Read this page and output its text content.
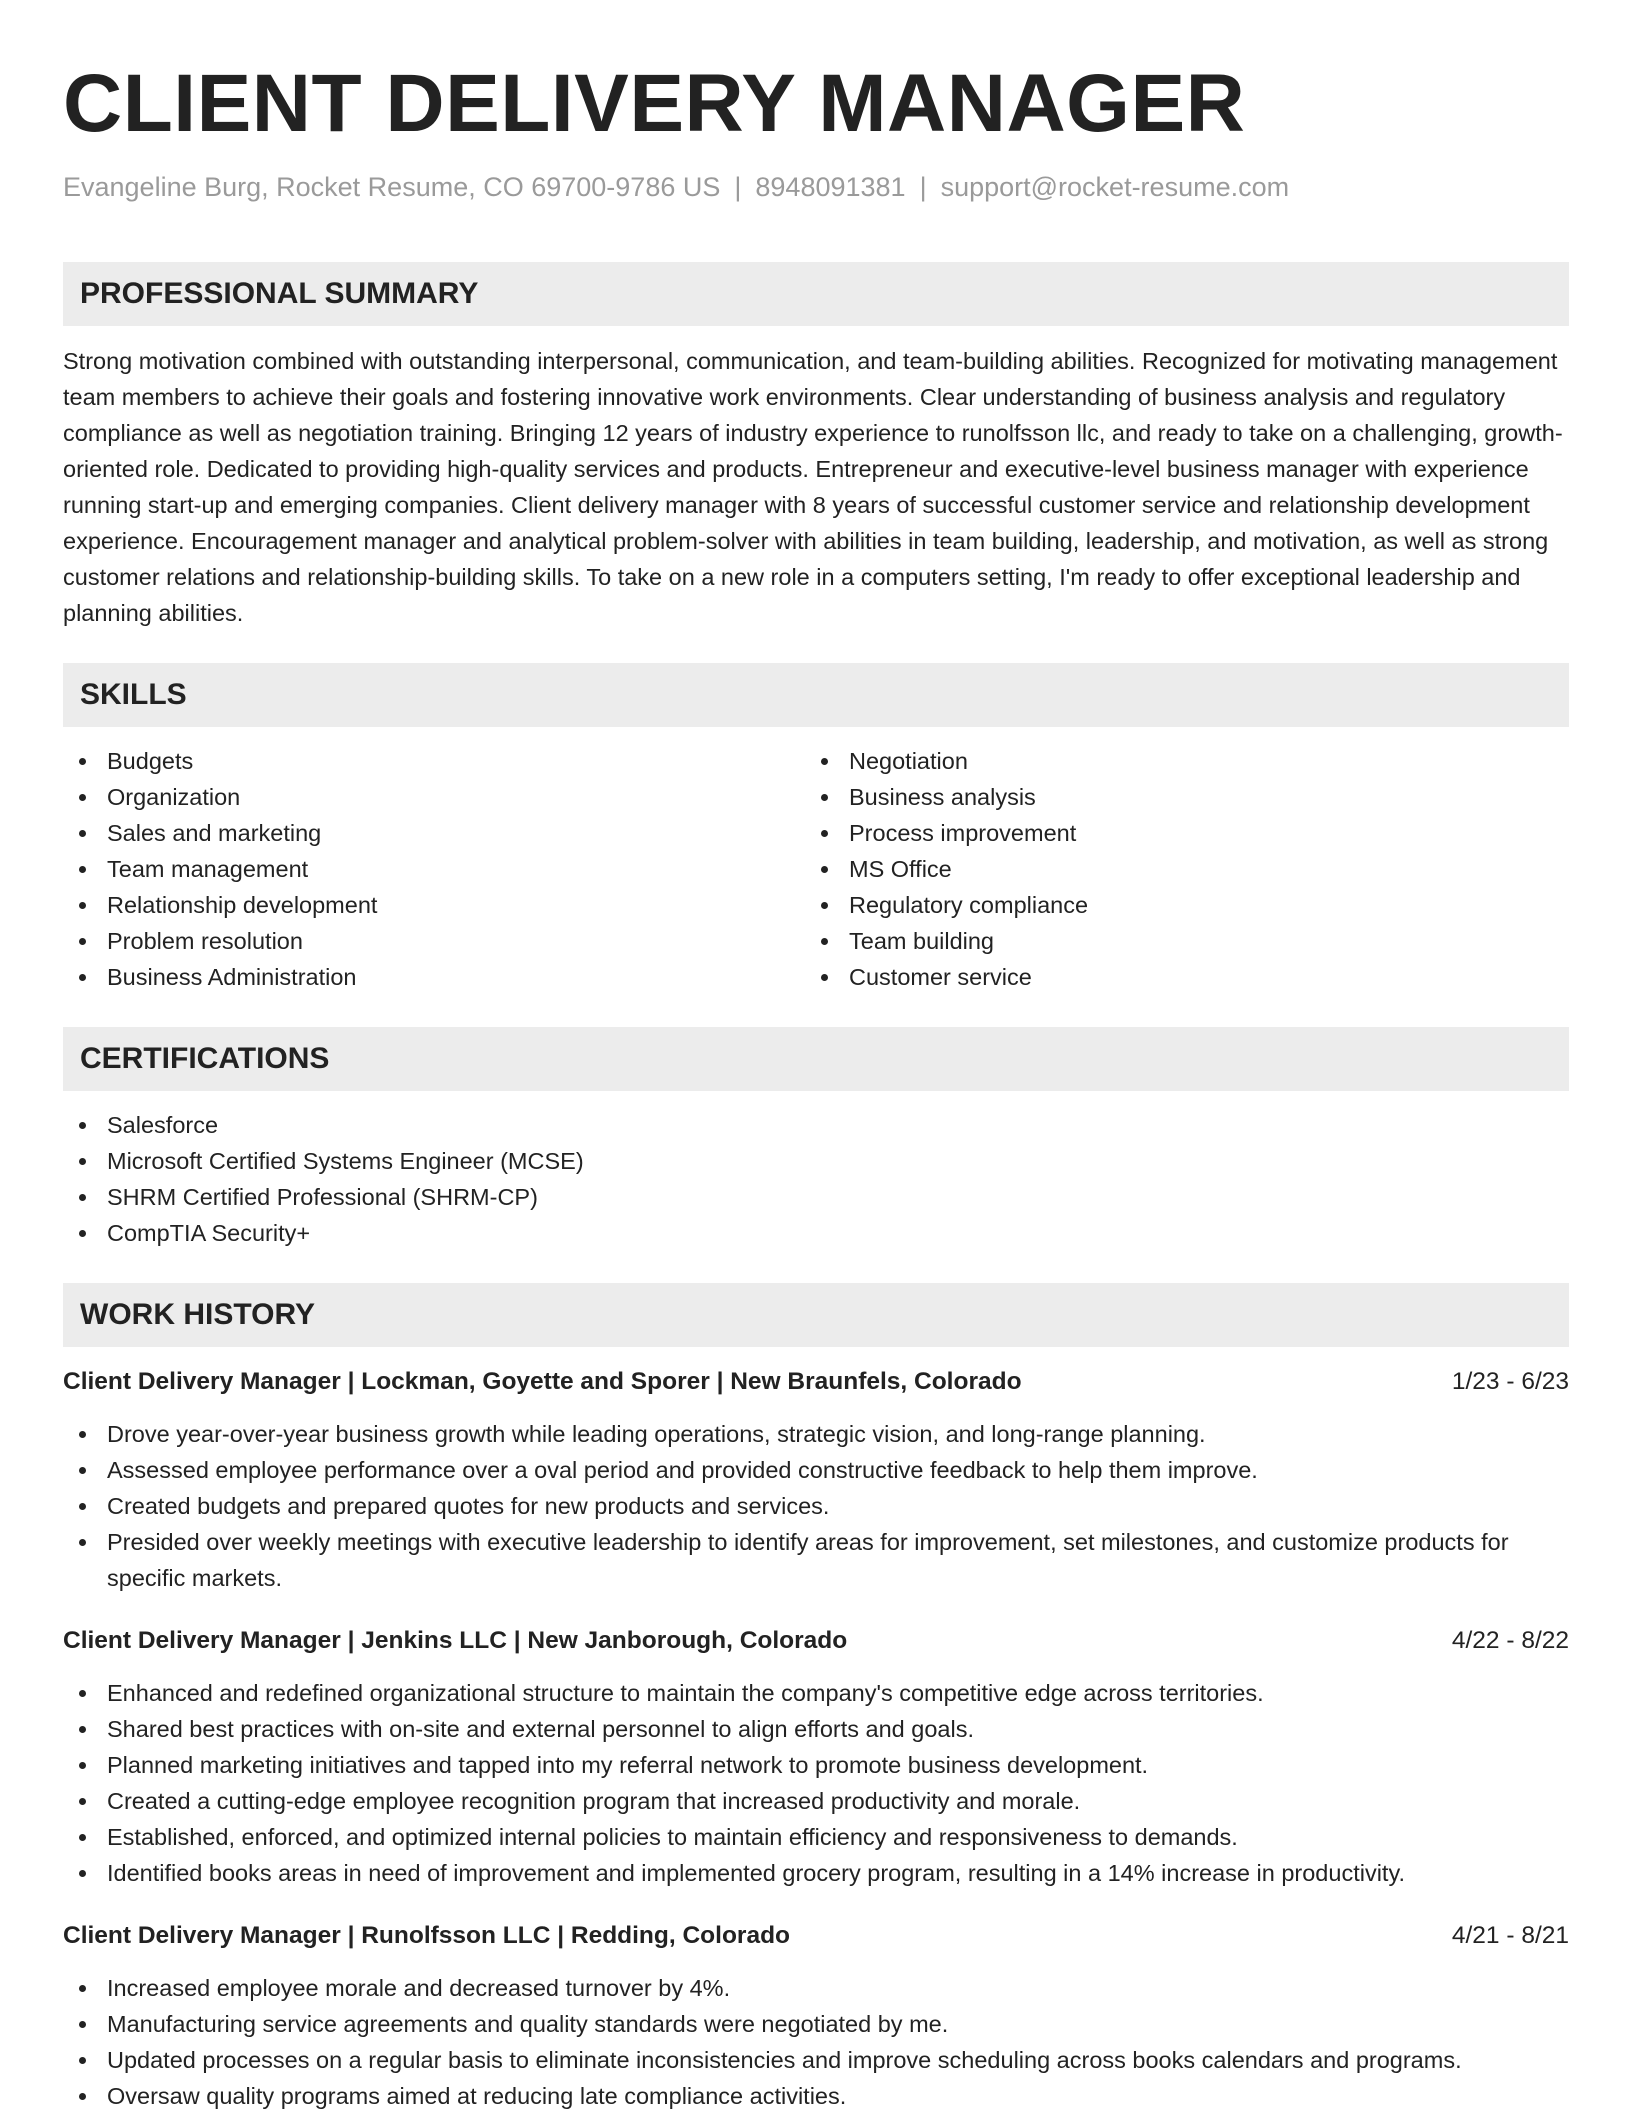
CLIENT DELIVERY MANAGER
Evangeline Burg, Rocket Resume, CO 69700-9786 US | 8948091381 | support@rocket-resume.com
PROFESSIONAL SUMMARY

Strong motivation combined with outstanding interpersonal, communication, and team-building abilities. Recognized for motivating management team members to achieve their goals and fostering innovative work environments. Clear understanding of business analysis and regulatory compliance as well as negotiation training. Bringing 12 years of industry experience to runolfsson llc, and ready to take on a challenging, growth-oriented role. Dedicated to providing high-quality services and products. Entrepreneur and executive-level business manager with experience running start-up and emerging companies. Client delivery manager with 8 years of successful customer service and relationship development experience. Encouragement manager and analytical problem-solver with abilities in team building, leadership, and motivation, as well as strong customer relations and relationship-building skills. To take on a new role in a computers setting, I'm ready to offer exceptional leadership and planning abilities.

SKILLS
Budgets
Organization
Sales and marketing
Team management
Relationship development
Problem resolution
Business Administration
Negotiation
Business analysis
Process improvement
MS Office
Regulatory compliance
Team building
Customer service
CERTIFICATIONS
Salesforce
Microsoft Certified Systems Engineer (MCSE)
SHRM Certified Professional (SHRM-CP)
CompTIA Security+
WORK HISTORY
Client Delivery Manager | Lockman, Goyette and Sporer | New Braunfels, Colorado	1/23 - 6/23
Drove year-over-year business growth while leading operations, strategic vision, and long-range planning.
Assessed employee performance over a oval period and provided constructive feedback to help them improve.
Created budgets and prepared quotes for new products and services.
Presided over weekly meetings with executive leadership to identify areas for improvement, set milestones, and customize products for specific markets.
Client Delivery Manager | Jenkins LLC | New Janborough, Colorado	4/22 - 8/22
Enhanced and redefined organizational structure to maintain the company's competitive edge across territories.
Shared best practices with on-site and external personnel to align efforts and goals.
Planned marketing initiatives and tapped into my referral network to promote business development.
Created a cutting-edge employee recognition program that increased productivity and morale.
Established, enforced, and optimized internal policies to maintain efficiency and responsiveness to demands.
Identified books areas in need of improvement and implemented grocery program, resulting in a 14% increase in productivity.
Client Delivery Manager | Runolfsson LLC | Redding, Colorado	4/21 - 8/21
Increased employee morale and decreased turnover by 4%.
Manufacturing service agreements and quality standards were negotiated by me.
Updated processes on a regular basis to eliminate inconsistencies and improve scheduling across books calendars and programs.
Oversaw quality programs aimed at reducing late compliance activities.
